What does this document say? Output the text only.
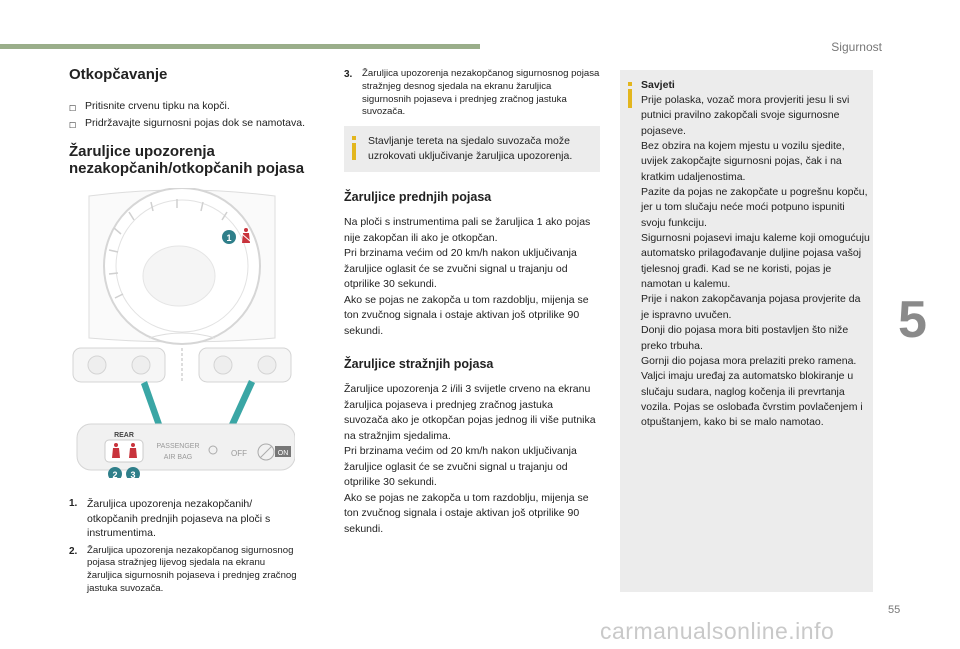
Sigurnost
5
Otkopčavanje
☐ Pritisnite crvenu tipku na kopči.
☐ Pridržavajte sigurnosni pojas dok se namotava.
Žaruljice upozorenja
nezakopčanih/otkopčanih pojasa
1
REAR
PASSENGER
AIR BAG	OFF	ON
2 3
1. Žaruljica upozorenja nezakopčanih/ otkopčanih prednjih pojaseva na ploči s instrumentima.
2.	Žaruljica upozorenja nezakopčanog sigurnosnog pojasa stražnjeg lijevog sjedala na ekranu žaruljica sigurnosnih pojaseva i prednjeg zračnog jastuka suvozača.
3.	Žaruljica upozorenja nezakopčanog sigurnosnog pojasa stražnjeg desnog sjedala na ekranu žaruljica sigurnosnih pojaseva i prednjeg zračnog jastuka suvozača.
Stavljanje tereta na sjedalo suvozača može uzrokovati uključivanje žaruljica upozorenja.
Žaruljice prednjih pojasa
Na ploči s instrumentima pali se žaruljica 1 ako pojas nije zakopčan ili ako je otkopčan.
Pri brzinama većim od 20 km/h nakon uključivanja žaruljice oglasit će se zvučni signal u trajanju od otprilike 30 sekundi.
Ako se pojas ne zakopča u tom razdoblju, mijenja se ton zvučnog signala i ostaje aktivan još otprilike 90 sekundi.
Žaruljice stražnjih pojasa
Žaruljice upozorenja 2 i/ili 3 svijetle crveno na ekranu žaruljica pojaseva i prednjeg zračnog jastuka suvozača ako je otkopčan pojas jednog ili više putnika na stražnjim sjedalima.
Pri brzinama većim od 20 km/h nakon uključivanja žaruljice oglasit će se zvučni signal u trajanju od otprilike 30 sekundi.
Ako se pojas ne zakopča u tom razdoblju, mijenja se ton zvučnog signala i ostaje aktivan još otprilike 90 sekundi.
Savjeti
Prije polaska, vozač mora provjeriti jesu li svi putnici pravilno zakopčali svoje sigurnosne pojaseve.
Bez obzira na kojem mjestu u vozilu sjedite, uvijek zakopčajte sigurnosni pojas, čak i na kratkim udaljenostima.
Pazite da pojas ne zakopčate u pogrešnu kopču, jer u tom slučaju neće moći potpuno ispuniti svoju funkciju.
Sigurnosni pojasevi imaju kaleme koji omogućuju automatsko prilagođavanje duljine pojasa vašoj tjelesnoj građi. Kad se ne koristi, pojas je namotan u kalemu.
Prije i nakon zakopčavanja pojasa provjerite da je ispravno uvučen.
Donji dio pojasa mora biti postavljen što niže preko trbuha.
Gornji dio pojasa mora prelaziti preko ramena.
Valjci imaju uređaj za automatsko blokiranje u slučaju sudara, naglog kočenja ili prevrtanja vozila. Pojas se oslobađa čvrstim povlačenjem i otpuštanjem, kako bi se malo namotao.
55
carmanualsonline.info
